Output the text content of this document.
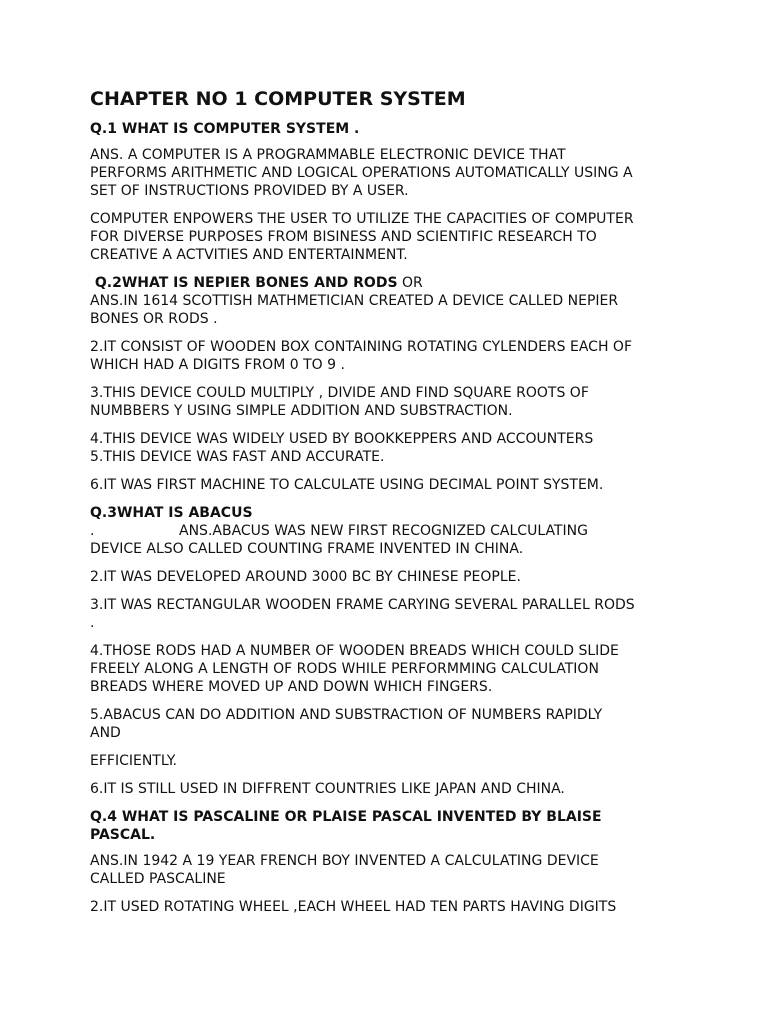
CHAPTER NO 1 COMPUTER SYSTEM
Q.1 WHAT IS COMPUTER SYSTEM .
ANS. A COMPUTER IS A PROGRAMMABLE ELECTRONIC DEVICE THAT
PERFORMS ARITHMETIC AND LOGICAL OPERATIONS AUTOMATICALLY USING A
SET OF INSTRUCTIONS PROVIDED BY A USER.
COMPUTER ENPOWERS THE USER TO UTILIZE THE CAPACITIES OF COMPUTER
FOR DIVERSE PURPOSES FROM BISINESS AND SCIENTIFIC RESEARCH TO
CREATIVE A ACTVITIES AND ENTERTAINMENT.
Q.2WHAT IS NEPIER BONES AND RODS OR
ANS.IN 1614 SCOTTISH MATHMETICIAN CREATED A DEVICE CALLED NEPIER
BONES OR RODS .
2.IT CONSIST OF WOODEN BOX CONTAINING ROTATING CYLENDERS EACH OF
WHICH HAD A DIGITS FROM 0 TO 9 .
3.THIS DEVICE COULD MULTIPLY , DIVIDE AND FIND SQUARE ROOTS OF
NUMBBERS Y USING SIMPLE ADDITION AND SUBSTRACTION.
4.THIS DEVICE WAS WIDELY USED BY BOOKKEPPERS AND ACCOUNTERS
5.THIS DEVICE WAS FAST AND ACCURATE.
6.IT WAS FIRST MACHINE TO CALCULATE USING DECIMAL POINT SYSTEM.
Q.3WHAT IS ABACUS
.                   ANS.ABACUS WAS NEW FIRST RECOGNIZED CALCULATING
DEVICE ALSO CALLED COUNTING FRAME INVENTED IN CHINA.
2.IT WAS DEVELOPED AROUND 3000 BC BY CHINESE PEOPLE.
3.IT WAS RECTANGULAR WOODEN FRAME CARYING SEVERAL PARALLEL RODS
.
4.THOSE RODS HAD A NUMBER OF WOODEN BREADS WHICH COULD SLIDE
FREELY ALONG A LENGTH OF RODS WHILE PERFORMMING CALCULATION
BREADS WHERE MOVED UP AND DOWN WHICH FINGERS.
5.ABACUS CAN DO ADDITION AND SUBSTRACTION OF NUMBERS RAPIDLY
AND
EFFICIENTLY.
6.IT IS STILL USED IN DIFFRENT COUNTRIES LIKE JAPAN AND CHINA.
Q.4 WHAT IS PASCALINE OR PLAISE PASCAL INVENTED BY BLAISE
PASCAL.
ANS.IN 1942 A 19 YEAR FRENCH BOY INVENTED A CALCULATING DEVICE
CALLED PASCALINE
2.IT USED ROTATING WHEEL ,EACH WHEEL HAD TEN PARTS HAVING DIGITS
